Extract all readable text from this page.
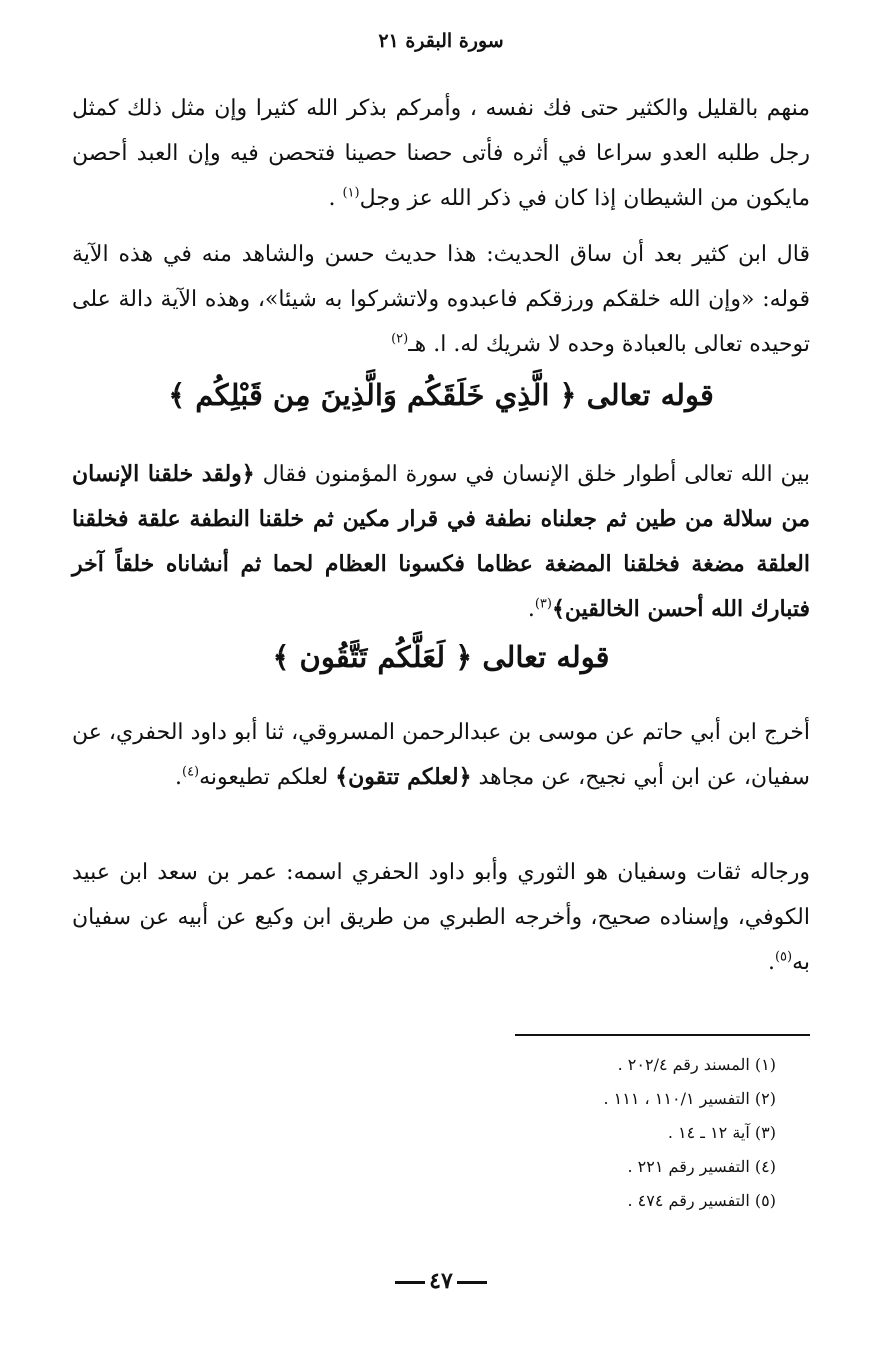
سورة البقرة ٢١

منهم بالقليل والكثير حتى فك نفسه ، وأمركم بذكر الله كثيرا وإن مثل ذلك كمثل رجل طلبه العدو سراعا في أثره فأتى حصنا حصينا فتحصن فيه وإن العبد أحصن مايكون من الشيطان إذا كان في ذكر الله عز وجل$^{(١)}$ .

قال ابن كثير بعد أن ساق الحديث: هذا حديث حسن والشاهد منه في هذه الآية قوله: «وإن الله خلقكم ورزقكم فاعبدوه ولاتشركوا به شيئا»، وهذه الآية دالة على توحيده تعالى بالعبادة وحده لا شريك له. ا. هـ$^{(٢)}$

قوله تعالى ﴿ الَّذِي خَلَقَكُم وَالَّذِينَ مِن قَبْلِكُم ﴾

بين الله تعالى أطوار خلق الإنسان في سورة المؤمنون فقال ﴿ولقد خلقنا الإنسان من سلالة من طين ثم جعلناه نطفة في قرار مكين ثم خلقنا النطفة علقة فخلقنا العلقة مضغة فخلقنا المضغة عظاما فكسونا العظام لحما ثم أنشاناه خلقاً آخر فتبارك الله أحسن الخالقين﴾$^{(٣)}$.

قوله تعالى ﴿ لَعَلَّكُم تَتَّقُون ﴾

أخرج ابن أبي حاتم عن موسى بن عبدالرحمن المسروقي، ثنا أبو داود الحفري، عن سفيان، عن ابن أبي نجيح، عن مجاهد ﴿لعلكم تتقون﴾ لعلكم تطيعونه$^{(٤)}$.

ورجاله ثقات وسفيان هو الثوري وأبو داود الحفري اسمه: عمر بن سعد ابن عبيد الكوفي، وإسناده صحيح، وأخرجه الطبري من طريق ابن وكيع عن أبيه عن سفيان به$^{(٥)}$.

(١) المسند رقم ٢٠٢/٤ .
(٢) التفسير ١١٠/١ ، ١١١ .
(٣) آية ١٢ ـ ١٤ .
(٤) التفسير رقم ٢٢١ .
(٥) التفسير رقم ٤٧٤ .
٤٧
